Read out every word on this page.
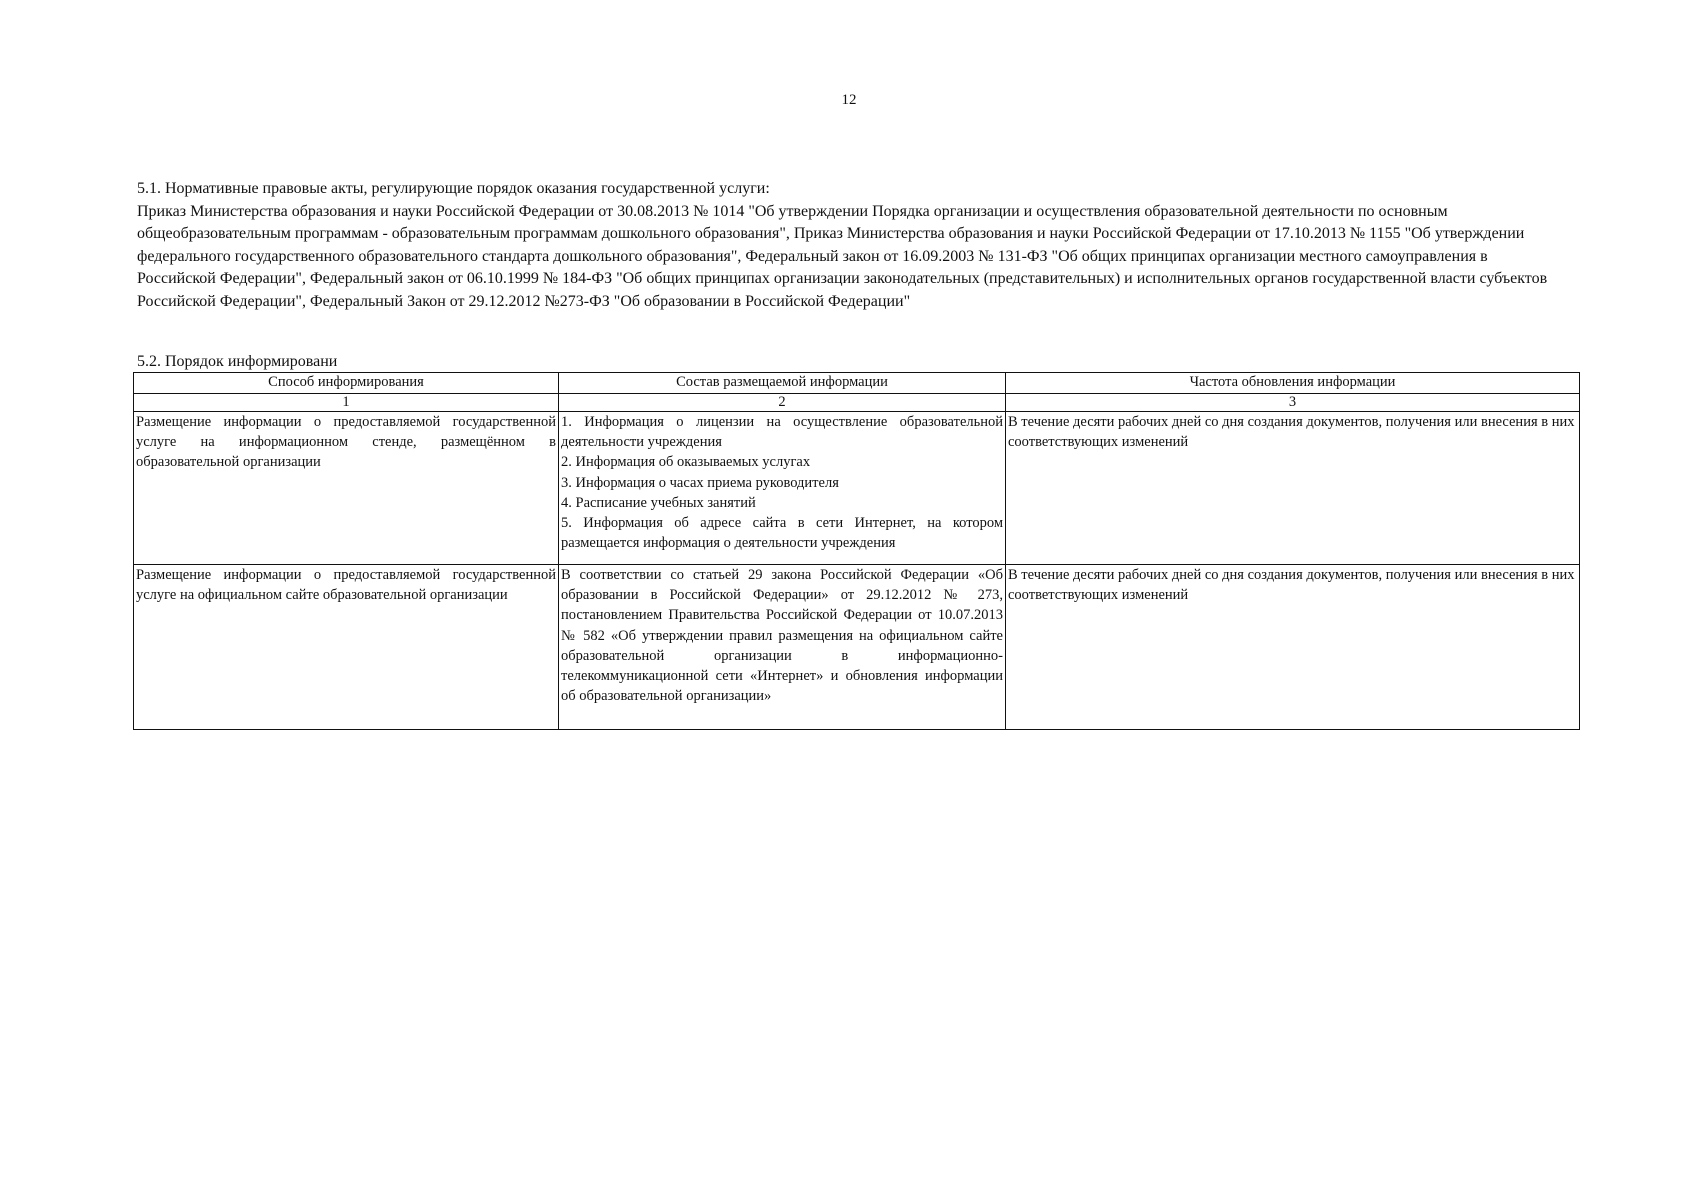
12

5.1. Нормативные правовые акты, регулирующие порядок оказания государственной услуги:

Приказ Министерства образования и науки Российской Федерации от 30.08.2013 № 1014 "Об утверждении Порядка организации и осуществления образовательной деятельности по основным общеобразовательным программам - образовательным программам дошкольного образования", Приказ Министерства образования и науки Российской Федерации от 17.10.2013 № 1155 "Об утверждении федерального государственного образовательного стандарта дошкольного образования", Федеральный закон от 16.09.2003 № 131-ФЗ "Об общих принципах организации местного самоуправления в Российской Федерации", Федеральный закон от 06.10.1999 № 184-ФЗ "Об общих принципах организации законодательных (представительных) и исполнительных органов государственной власти субъектов Российской Федерации", Федеральный Закон от 29.12.2012 №273-ФЗ "Об образовании в Российской Федерации"

5.2. Порядок информировани

Способ информирования	Состав размещаемой информации	Частота обновления информации
1	2	3
Размещение информации о предоставляемой государственной услуге на информационном стенде, размещённом в образовательной организации	1. Информация о лицензии на осуществление образовательной деятельности учреждения
2. Информация об оказываемых услугах
3. Информация о часах приема руководителя
4. Расписание учебных занятий
5. Информация об адресе сайта в сети Интернет, на котором размещается информация о деятельности учреждения	В течение десяти рабочих дней со дня создания документов, получения или внесения в них соответствующих изменений
Размещение информации о предоставляемой государственной услуге на официальном сайте образовательной организации	В соответствии со статьей 29 закона Российской Федерации «Об образовании в Российской Федерации» от 29.12.2012 № 273, постановлением Правительства Российской Федерации от 10.07.2013 № 582 «Об утверждении правил размещения на официальном сайте образовательной организации в информационно-телекоммуникационной сети «Интернет» и обновления информации об образовательной организации»	В течение десяти рабочих дней со дня создания документов, получения или внесения в них соответствующих изменений
